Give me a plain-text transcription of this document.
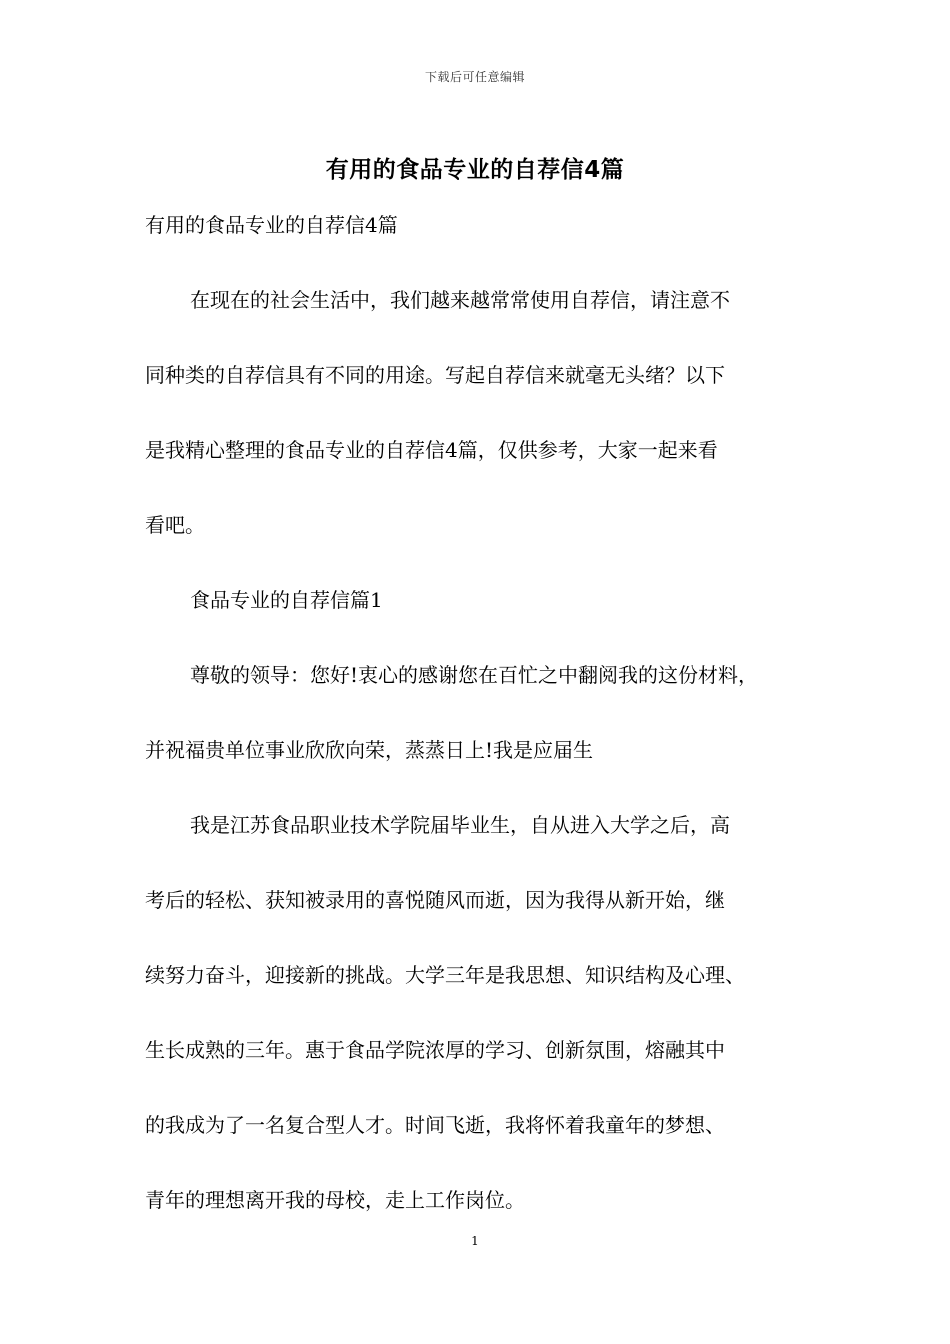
下载后可任意编辑
有用的食品专业的自荐信4篇
有用的食品专业的自荐信4篇
在现在的社会生活中，我们越来越常常使用自荐信，请注意不
同种类的自荐信具有不同的用途。写起自荐信来就毫无头绪？以下
是我精心整理的食品专业的自荐信4篇，仅供参考，大家一起来看
看吧。
食品专业的自荐信篇1
尊敬的领导：您好!衷心的感谢您在百忙之中翻阅我的这份材料，
并祝福贵单位事业欣欣向荣，蒸蒸日上!我是应届生
我是江苏食品职业技术学院届毕业生，自从进入大学之后，高
考后的轻松、获知被录用的喜悦随风而逝，因为我得从新开始，继
续努力奋斗，迎接新的挑战。大学三年是我思想、知识结构及心理、
生长成熟的三年。惠于食品学院浓厚的学习、创新氛围，熔融其中
的我成为了一名复合型人才。时间飞逝，我将怀着我童年的梦想、
青年的理想离开我的母校，走上工作岗位。
1
